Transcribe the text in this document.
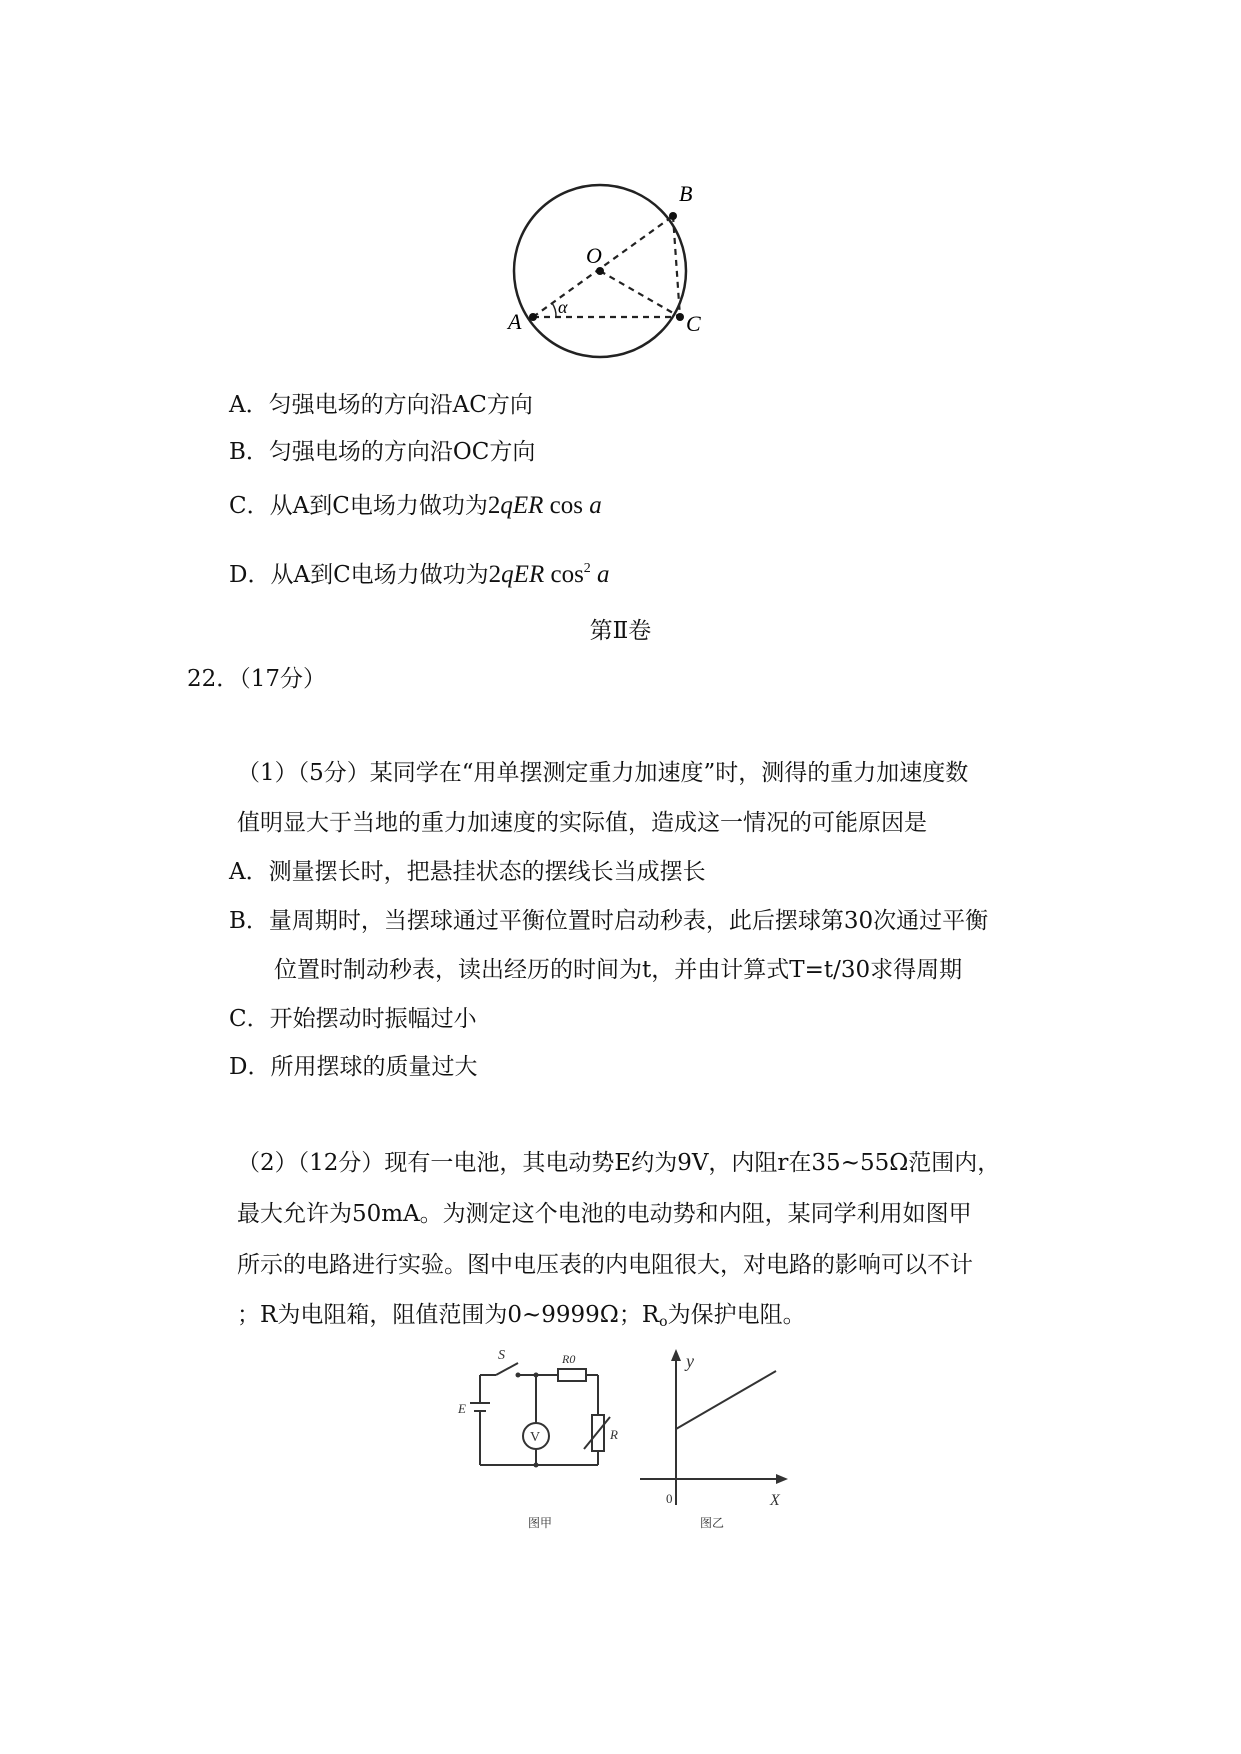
O
A
B
C
α
A．匀强电场的方向沿AC方向
B．匀强电场的方向沿OC方向
C．从A到C电场力做功为2qER cos a
D．从A到C电场力做功为2qER $\cos^2 a$
第Ⅱ卷
22．（17分）
（1）（5分）某同学在“用单摆测定重力加速度”时，测得的重力加速度数
值明显大于当地的重力加速度的实际值，造成这一情况的可能原因是
A．测量摆长时，把悬挂状态的摆线长当成摆长
B．量周期时，当摆球通过平衡位置时启动秒表，此后摆球第30次通过平衡
位置时制动秒表，读出经历的时间为t，并由计算式T=t/30求得周期
C．开始摆动时振幅过小
D．所用摆球的质量过大
（2）（12分）现有一电池，其电动势E约为9V，内阻r在35~55Ω范围内，
最大允许为50mA。为测定这个电池的电动势和内阻，某同学利用如图甲
所示的电路进行实验。图中电压表的内电阻很大，对电路的影响可以不计
；R为电阻箱，阻值范围为0~9999Ω；$R_o$为保护电阻。
S	R0
E
V	R
图甲
y
X
0
图乙
